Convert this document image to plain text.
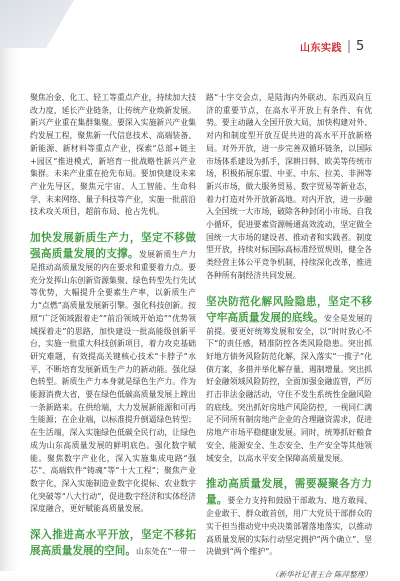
山东实践 5

聚焦冶金、化工、轻工等重点产业，持续加大技改力度，延长产业链条，让传统产业焕新发展。新兴产业重在集群集聚。要深入实施新兴产业集约发展工程，聚焦新一代信息技术、高端装备、新能源、新材料等重点产业，探索“总部+链主+园区”推进模式，新培育一批战略性新兴产业集群。未来产业重在抢先布局。要加快建设未来产业先导区，聚焦元宇宙、人工智能、生命科学、未来网络、量子科技等产业，实施一批前沿技术攻关项目，超前布局、抢占先机。

加快发展新质生产力，坚定不移做强高质量发展的支撑。发展新质生产力是推动高质量发展的内在要求和重要着力点。要充分发挥山东创新资源集聚、绿色转型先行先试等优势，大幅提升全要素生产率，以新质生产力“点燃”高质量发展新引擎。强化科技创新。按照“广泛领域跟着走”“前沿领域开始追”“优势领域探着走”的思路，加快建设一批高能级创新平台，实施一批重大科技创新项目，着力攻克基础研究难题，有效提高关键核心技术“卡脖子”水平，不断培育发展新质生产力的新动能。强化绿色转型。新质生产力本身就是绿色生产力。作为能源消费大省，要在绿色低碳高质量发展上蹚出一条新路来。在供给端，大力发展新能源和可再生能源；在企业端，以标准提升倒逼绿色转型；在生活端，深入实施绿色低碳全民行动，让绿色成为山东高质量发展的鲜明底色。强化数字赋能。聚焦数字产业化，深入实施集成电路“强芯”、高端软件“铸魂”等“十大工程”；聚焦产业数字化，深入实施制造业数字化提标、农业数字化突破等“八大行动”，促进数字经济和实体经济深度融合，更好赋能高质量发展。

深入推进高水平开放，坚定不移拓展高质量发展的空间。山东处在“一带一

路”十字交会点，是陆海内外联动、东西双向互济的重要节点，在高水平开放上有条件、有优势。要主动融入全国开放大局，加快构建对外、对内和制度型开放互促共进的高水平开放新格局。对外开放，进一步完善双循环链条，以国际市场体系建设为抓手，深耕日韩、欧美等传统市场，积极拓展东盟、中亚、中东、拉美、非洲等新兴市场，做大服务贸易、数字贸易等新业态，着力打造对外开放新高地。对内开放，进一步融入全国统一大市场，破除各种封闭小市场、自我小循环，促进要素资源畅通高效流动，坚定做全国统一大市场的建设者、推动者和实践者。制度型开放，持续对标国际高标准经贸规则，健全各类经营主体公平竞争机制，持续深化改革，推进各种所有制经济共同发展。

坚决防范化解风险隐患，坚定不移守牢高质量发展的底线。安全是发展的前提。要更好统筹发展和安全，以“时时放心不下”的责任感，精准防控各类风险隐患。突出抓好地方债务风险防范化解，深入落实“一揽子”化债方案，多措并举化解存量、遏制增量。突出抓好金融领域风险防控，全面加强金融监管，严厉打击非法金融活动，守住不发生系统性金融风险的底线。突出抓好房地产风险防控，一视同仁满足不同所有制房地产企业的合理融资需求，促进房地产市场平稳健康发展。同时，统筹抓好粮食安全、能源安全、生态安全、生产安全等其他领域安全，以高水平安全保障高质量发展。

推动高质量发展，需要凝聚各方力量。要全力支持和鼓励干部敢为、地方敢闯、企业敢干、群众敢首创，用广大党员干部群众的实干担当推动党中央决策部署落地落实，以推动高质量发展的实际行动坚定拥护“两个确立”、坚决做到“两个维护”。

（新华社记者王合 陈萍整理）
